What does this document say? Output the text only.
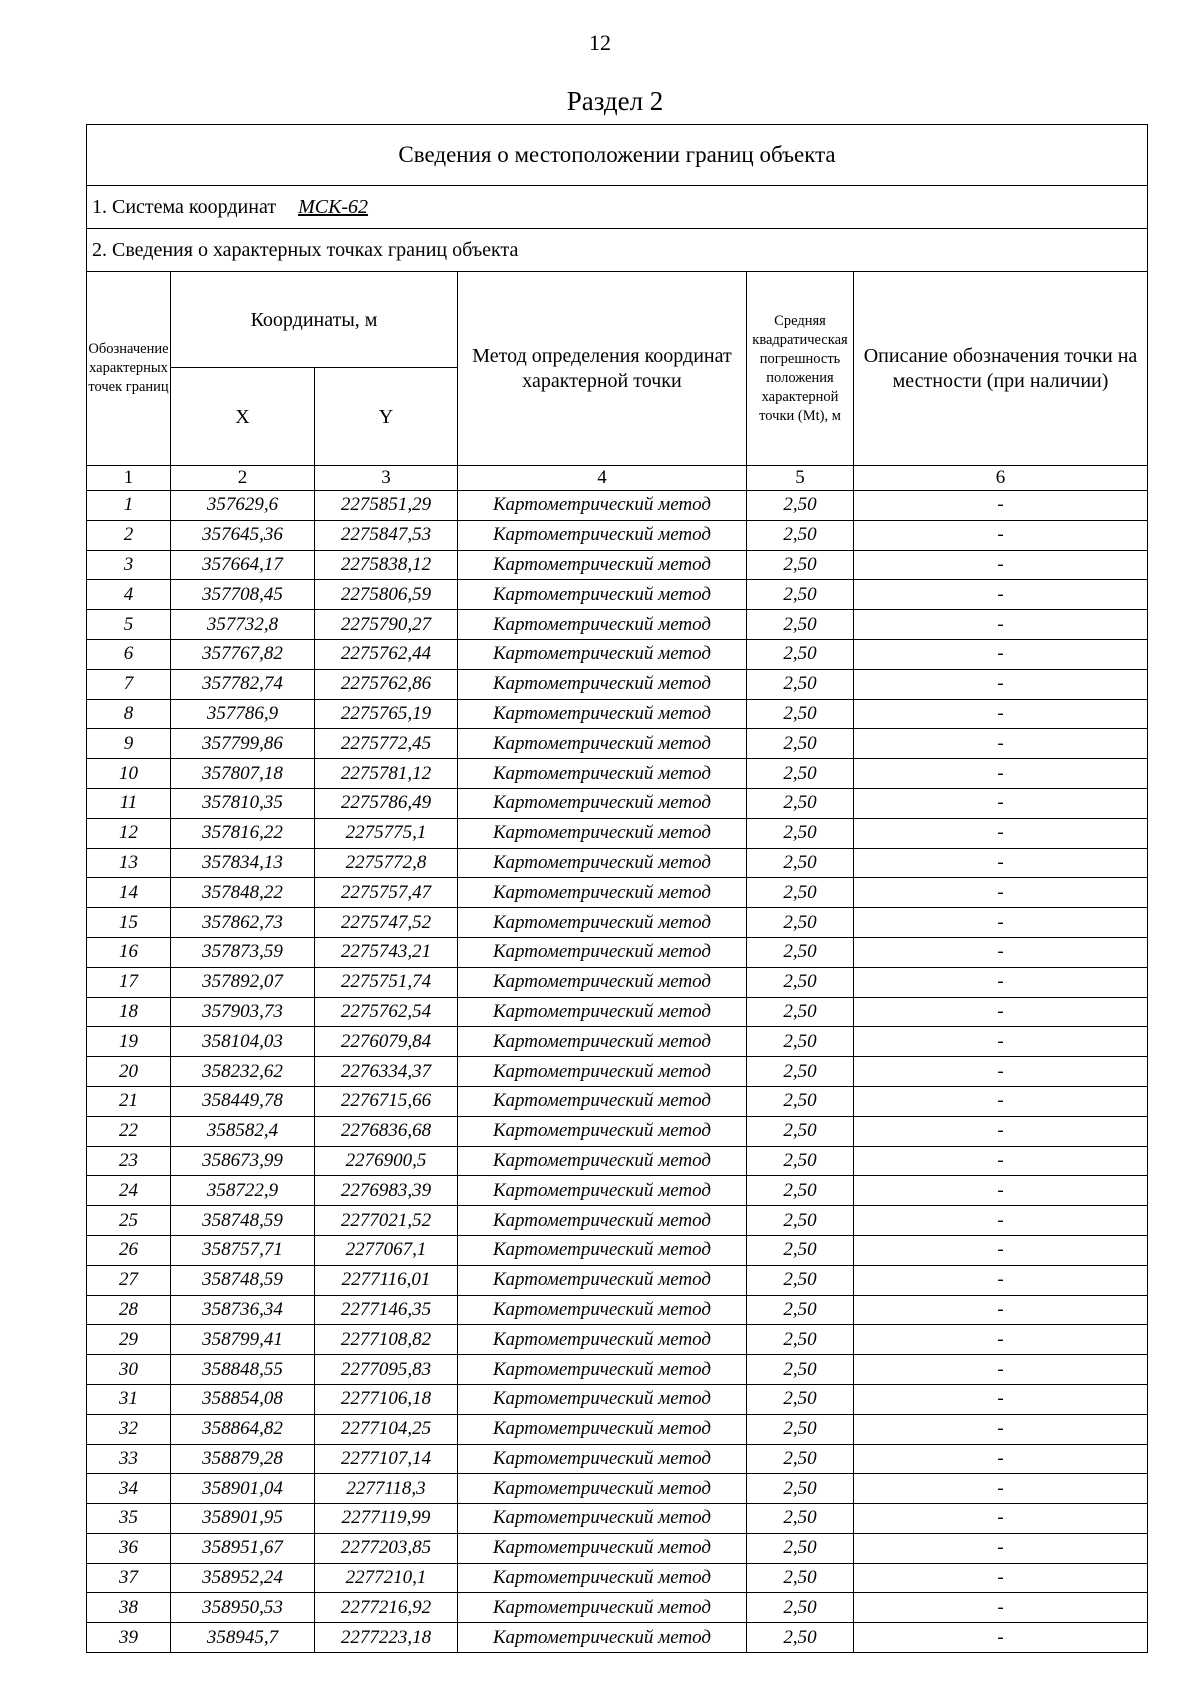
12
Раздел 2
Сведения о местоположении границ объекта					
1. Система координат МСК-62					
2. Сведения о характерных точках границ объекта					
Обозначение характерных точек границ	Координаты, м		Метод определения координат характерной точки	Средняя квадратическая погрешность положения характерной точки (Mt), м	Описание обозначения точки на местности (при наличии)
	X	Y			
1	2	3	4	5	6
1	357629,6	2275851,29	Картометрический метод	2,50	-
2	357645,36	2275847,53	Картометрический метод	2,50	-
3	357664,17	2275838,12	Картометрический метод	2,50	-
4	357708,45	2275806,59	Картометрический метод	2,50	-
5	357732,8	2275790,27	Картометрический метод	2,50	-
6	357767,82	2275762,44	Картометрический метод	2,50	-
7	357782,74	2275762,86	Картометрический метод	2,50	-
8	357786,9	2275765,19	Картометрический метод	2,50	-
9	357799,86	2275772,45	Картометрический метод	2,50	-
10	357807,18	2275781,12	Картометрический метод	2,50	-
11	357810,35	2275786,49	Картометрический метод	2,50	-
12	357816,22	2275775,1	Картометрический метод	2,50	-
13	357834,13	2275772,8	Картометрический метод	2,50	-
14	357848,22	2275757,47	Картометрический метод	2,50	-
15	357862,73	2275747,52	Картометрический метод	2,50	-
16	357873,59	2275743,21	Картометрический метод	2,50	-
17	357892,07	2275751,74	Картометрический метод	2,50	-
18	357903,73	2275762,54	Картометрический метод	2,50	-
19	358104,03	2276079,84	Картометрический метод	2,50	-
20	358232,62	2276334,37	Картометрический метод	2,50	-
21	358449,78	2276715,66	Картометрический метод	2,50	-
22	358582,4	2276836,68	Картометрический метод	2,50	-
23	358673,99	2276900,5	Картометрический метод	2,50	-
24	358722,9	2276983,39	Картометрический метод	2,50	-
25	358748,59	2277021,52	Картометрический метод	2,50	-
26	358757,71	2277067,1	Картометрический метод	2,50	-
27	358748,59	2277116,01	Картометрический метод	2,50	-
28	358736,34	2277146,35	Картометрический метод	2,50	-
29	358799,41	2277108,82	Картометрический метод	2,50	-
30	358848,55	2277095,83	Картометрический метод	2,50	-
31	358854,08	2277106,18	Картометрический метод	2,50	-
32	358864,82	2277104,25	Картометрический метод	2,50	-
33	358879,28	2277107,14	Картометрический метод	2,50	-
34	358901,04	2277118,3	Картометрический метод	2,50	-
35	358901,95	2277119,99	Картометрический метод	2,50	-
36	358951,67	2277203,85	Картометрический метод	2,50	-
37	358952,24	2277210,1	Картометрический метод	2,50	-
38	358950,53	2277216,92	Картометрический метод	2,50	-
39	358945,7	2277223,18	Картометрический метод	2,50	-
